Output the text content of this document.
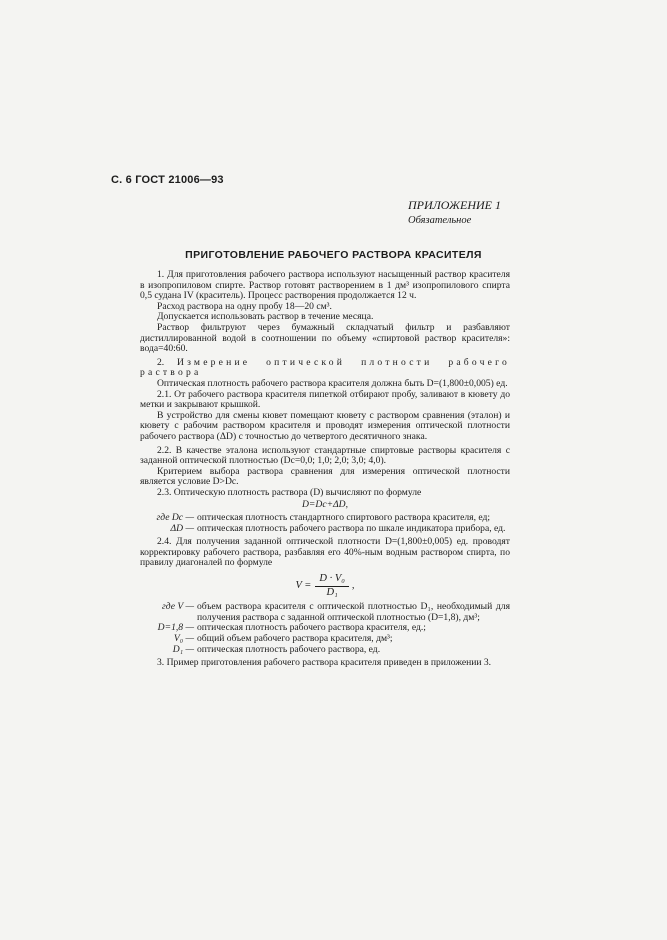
С. 6 ГОСТ 21006—93
ПРИЛОЖЕНИЕ 1
Обязательное
ПРИГОТОВЛЕНИЕ РАБОЧЕГО РАСТВОРА КРАСИТЕЛЯ

1. Для приготовления рабочего раствора используют насыщенный раствор красителя в изопропиловом спирте. Раствор готовят растворением в 1 дм³ изопропилового спирта 0,5 судана IV (краситель). Процесс растворения продолжается 12 ч.

Расход раствора на одну пробу 18—20 см³.

Допускается использовать раствор в течение месяца.

Раствор фильтруют через бумажный складчатый фильтр и разбавляют дистиллированной водой в соотношении по объему «спиртовой раствор красителя»: вода=40:60.

2. Измерение оптической плотности рабочего раствора

Оптическая плотность рабочего раствора красителя должна быть D=(1,800±0,005) ед.

2.1. От рабочего раствора красителя пипеткой отбирают пробу, заливают в кювету до метки и закрывают крышкой.

В устройство для смены кювет помещают кювету с раствором сравнения (эталон) и кювету с рабочим раствором красителя и проводят измерения оптической плотности рабочего раствора (ΔD) с точностью до четвертого десятичного знака.

2.2. В качестве эталона используют стандартные спиртовые растворы красителя с заданной оптической плотностью (Dс=0,0; 1,0; 2,0; 3,0; 4,0).

Критерием выбора раствора сравнения для измерения оптической плотности является условие D>Dс.

2.3. Оптическую плотность раствора (D) вычисляют по формуле

D=Dс+ΔD,

где Dс — оптическая плотность стандартного спиртового раствора красителя, ед;
ΔD — оптическая плотность рабочего раствора по шкале индикатора прибора, ед.

2.4. Для получения заданной оптической плотности D=(1,800±0,005) ед. проводят корректировку рабочего раствора, разбавляя его 40%-ным водным раствором спирта, по правилу диагоналей по формуле

$V = \frac{\text{D · V₀}}{\text{D₁}}$ ,
где V — объем раствора красителя с оптической плотностью D₁, необходимый для получения раствора с заданной оптической плотностью (D=1,8), дм³;
D=1,8 — оптическая плотность рабочего раствора красителя, ед.;
V₀ — общий объем рабочего раствора красителя, дм³;
D₁ — оптическая плотность рабочего раствора, ед.

3. Пример приготовления рабочего раствора красителя приведен в приложении 3.
